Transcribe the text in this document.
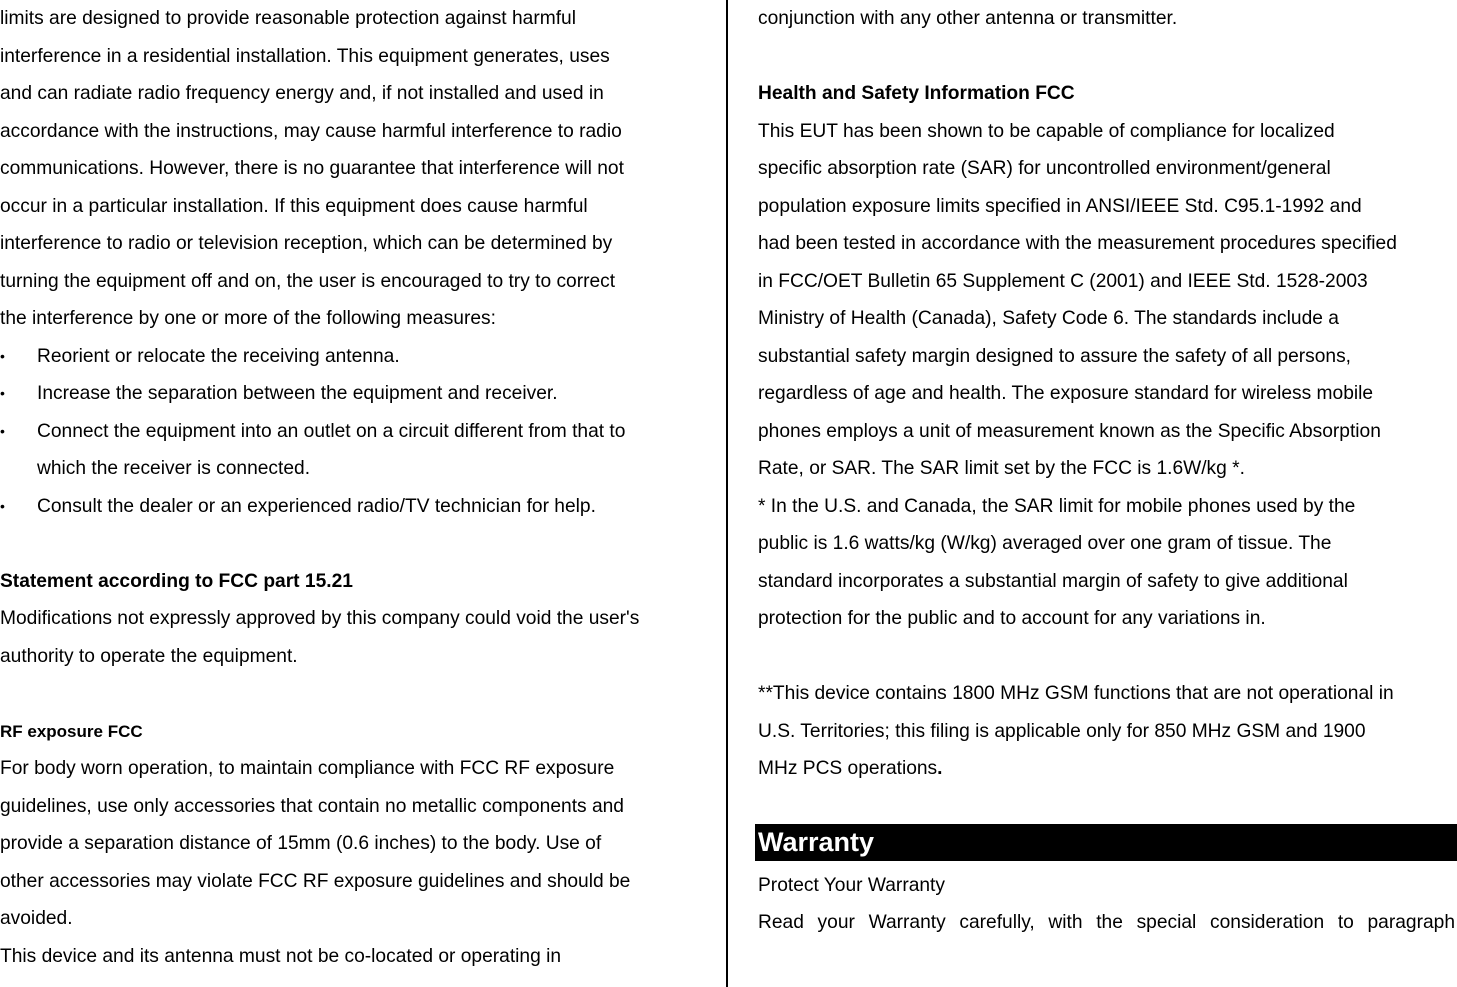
limits are designed to provide reasonable protection against harmful
interference in a residential installation. This equipment generates, uses
and can radiate radio frequency energy and, if not installed and used in
accordance with the instructions, may cause harmful interference to radio
communications. However, there is no guarantee that interference will not
occur in a particular installation. If this equipment does cause harmful
interference to radio or television reception, which can be determined by
turning the equipment off and on, the user is encouraged to try to correct
the interference by one or more of the following measures:
•	Reorient or relocate the receiving antenna.
•	Increase the separation between the equipment and receiver.
•	Connect the equipment into an outlet on a circuit different from that to
which the receiver is connected.
•	Consult the dealer or an experienced radio/TV technician for help.
Statement according to FCC part 15.21
Modifications not expressly approved by this company could void the user's
authority to operate the equipment.
RF exposure FCC
For body worn operation, to maintain compliance with FCC RF exposure
guidelines, use only accessories that contain no metallic components and
provide a separation distance of 15mm (0.6 inches) to the body. Use of
other accessories may violate FCC RF exposure guidelines and should be
avoided.
This device and its antenna must not be co-located or operating in
conjunction with any other antenna or transmitter.
Health and Safety Information FCC
This EUT has been shown to be capable of compliance for localized
specific absorption rate (SAR) for uncontrolled environment/general
population exposure limits specified in ANSI/IEEE Std. C95.1-1992 and
had been tested in accordance with the measurement procedures specified
in FCC/OET Bulletin 65 Supplement C (2001) and IEEE Std. 1528-2003
Ministry of Health (Canada), Safety Code 6. The standards include a
substantial safety margin designed to assure the safety of all persons,
regardless of age and health. The exposure standard for wireless mobile
phones employs a unit of measurement known as the Specific Absorption
Rate, or SAR. The SAR limit set by the FCC is 1.6W/kg *.
* In the U.S. and Canada, the SAR limit for mobile phones used by the
public is 1.6 watts/kg (W/kg) averaged over one gram of tissue. The
standard incorporates a substantial margin of safety to give additional
protection for the public and to account for any variations in.
**This device contains 1800 MHz GSM functions that are not operational in
U.S. Territories; this filing is applicable only for 850 MHz GSM and 1900
MHz PCS operations.
Warranty
Protect Your Warranty
Read your Warranty carefully, with the special consideration to paragraph
